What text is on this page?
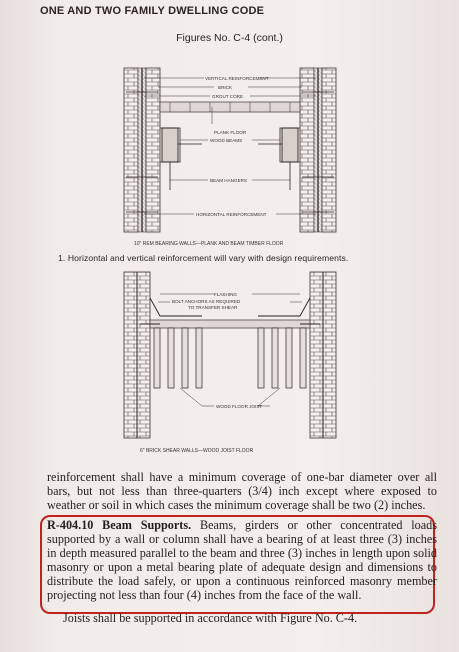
ONE AND TWO FAMILY DWELLING CODE
Figures No. C-4 (cont.)
VERTICAL REINFORCEMENT
BRICK
GROUT CORE
PLANK FLOOR
WOOD BEAMS
BEAM HANGERS
HORIZONTAL REINFORCEMENT
10" REM BEARING WALLS—PLANK AND BEAM TIMBER FLOOR
1. Horizontal and vertical reinforcement will vary with design requirements.
FLASHING
BOLT ANCHORS AS REQUIRED
TO TRANSFER SHEAR
WOOD FLOOR JOIST
6" BRICK SHEAR WALLS—WOOD JOIST FLOOR
reinforcement shall have a minimum coverage of one-bar diameter over all bars, but not less than three-quarters (3/4) inch except where exposed to weather or soil in which cases the minimum coverage shall be two (2) inches.
R-404.10 Beam Supports. Beams, girders or other concentrated loads supported by a wall or column shall have a bearing of at least three (3) inches in depth measured parallel to the beam and three (3) inches in length upon solid masonry or upon a metal bearing plate of adequate design and dimensions to distribute the load safely, or upon a continuous reinforced masonry member projecting not less than four (4) inches from the face of the wall.
Joists shall be supported in accordance with Figure No. C-4.
